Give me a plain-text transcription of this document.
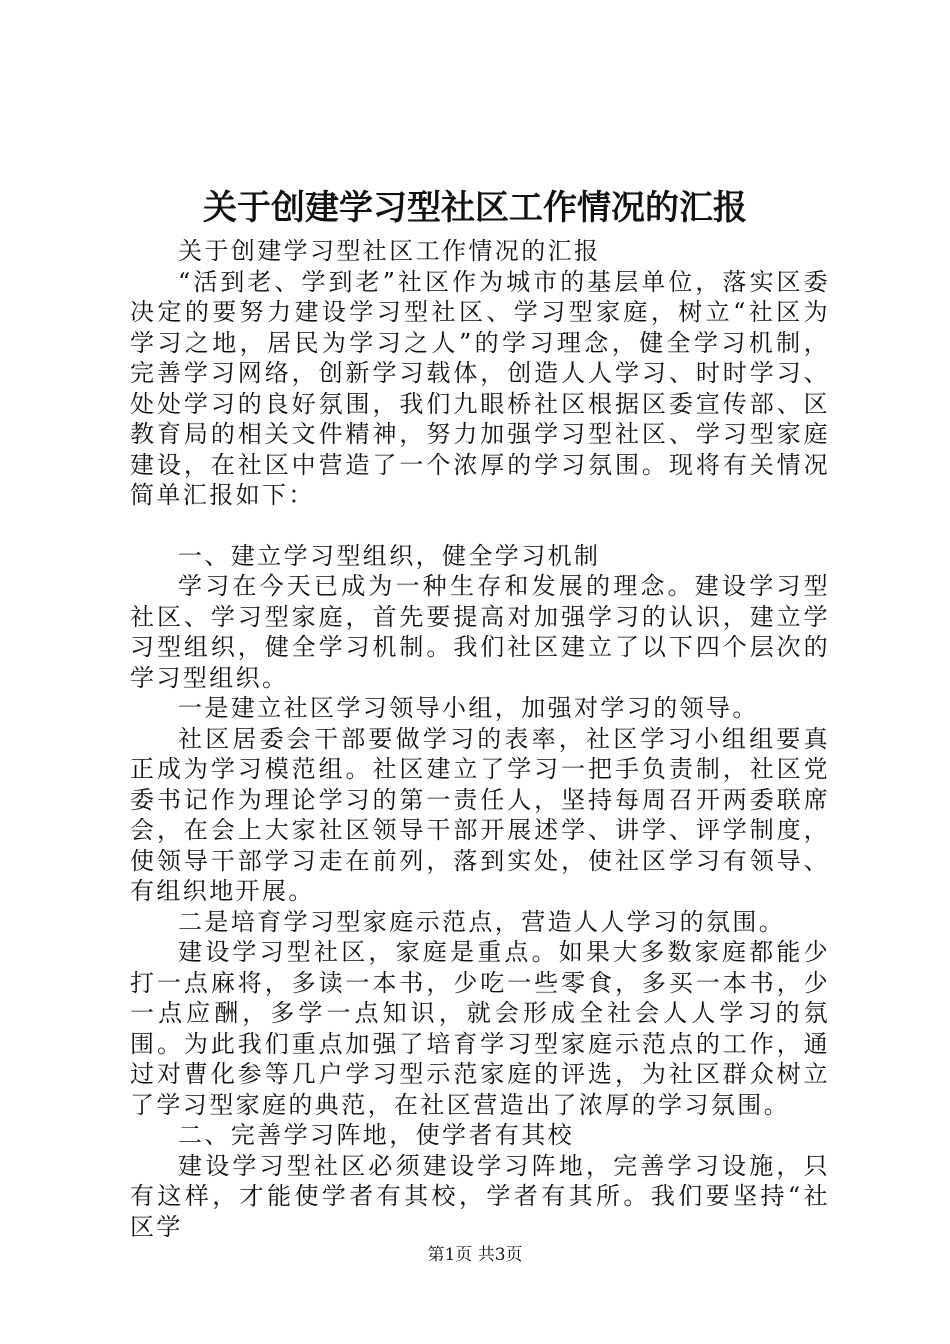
关于创建学习型社区工作情况的汇报

关于创建学习型社区工作情况的汇报

“活到老、学到老”社区作为城市的基层单位，落实区委决定的要努力建设学习型社区、学习型家庭，树立“社区为学习之地，居民为学习之人”的学习理念，健全学习机制，完善学习网络，创新学习载体，创造人人学习、时时学习、处处学习的良好氛围，我们九眼桥社区根据区委宣传部、区教育局的相关文件精神，努力加强学习型社区、学习型家庭建设，在社区中营造了一个浓厚的学习氛围。现将有关情况简单汇报如下：

一、建立学习型组织，健全学习机制

学习在今天已成为一种生存和发展的理念。建设学习型社区、学习型家庭，首先要提高对加强学习的认识，建立学习型组织，健全学习机制。我们社区建立了以下四个层次的学习型组织。

一是建立社区学习领导小组，加强对学习的领导。

社区居委会干部要做学习的表率，社区学习小组组要真正成为学习模范组。社区建立了学习一把手负责制，社区党委书记作为理论学习的第一责任人，坚持每周召开两委联席会，在会上大家社区领导干部开展述学、讲学、评学制度，使领导干部学习走在前列，落到实处，使社区学习有领导、有组织地开展。

二是培育学习型家庭示范点，营造人人学习的氛围。

建设学习型社区，家庭是重点。如果大多数家庭都能少打一点麻将，多读一本书，少吃一些零食，多买一本书，少一点应酬，多学一点知识，就会形成全社会人人学习的氛围。为此我们重点加强了培育学习型家庭示范点的工作，通过对曹化参等几户学习型示范家庭的评选，为社区群众树立了学习型家庭的典范，在社区营造出了浓厚的学习氛围。

二、完善学习阵地，使学者有其校

建设学习型社区必须建设学习阵地，完善学习设施，只有这样，才能使学者有其校，学者有其所。我们要坚持“社区学

第1页 共3页
